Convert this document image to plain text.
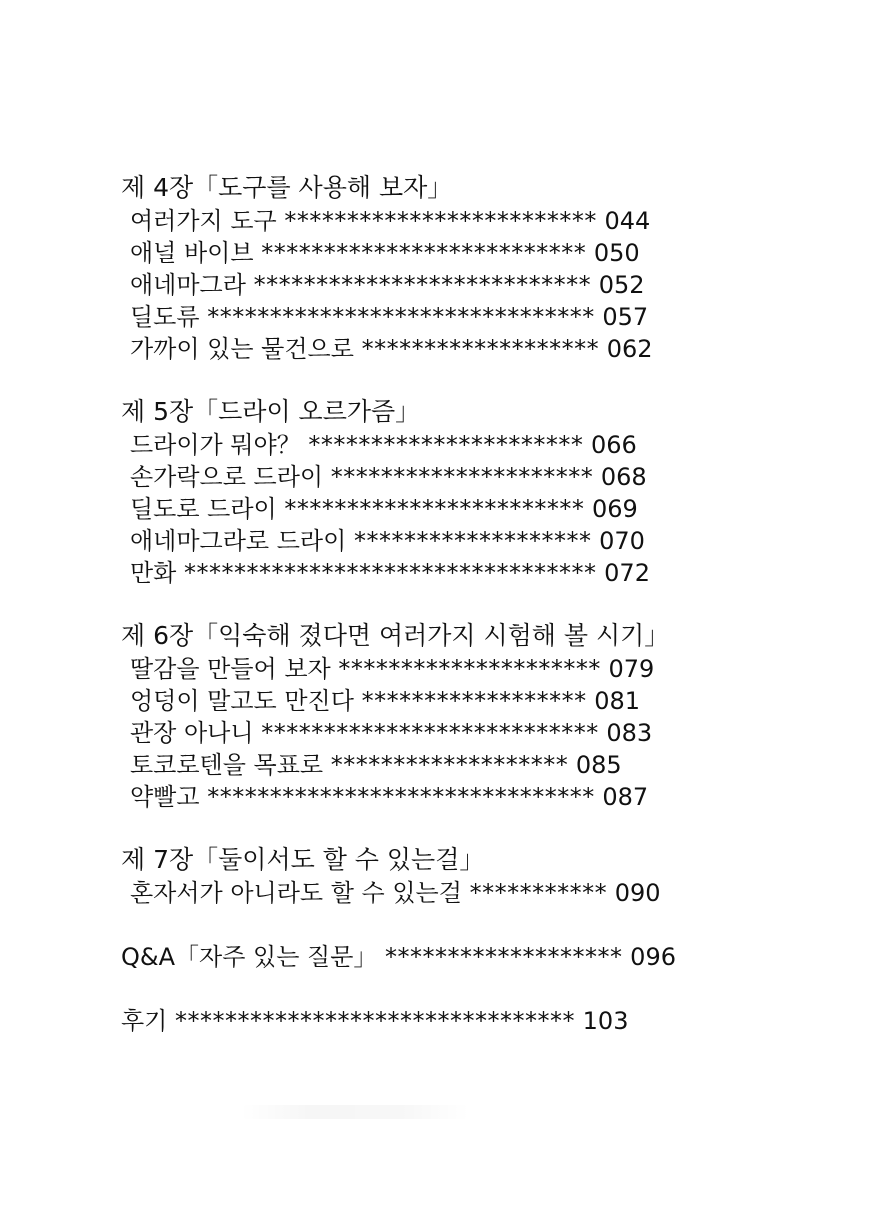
제 4장「도구를 사용해 보자」
여러가지 도구 ************************* 044
애널 바이브 ************************** 050
애네마그라 *************************** 052
딜도류 ******************************* 057
가까이 있는 물건으로 ******************* 062
제 5장「드라이 오르가즘」
드라이가 뭐야？ ********************** 066
손가락으로 드라이 ********************* 068
딜도로 드라이 ************************ 069
애네마그라로 드라이 ******************* 070
만화 ********************************* 072
제 6장「익숙해 졌다면 여러가지 시험해 볼 시기」
딸감을 만들어 보자 ********************* 079
엉덩이 말고도 만진다 ****************** 081
관장 아나니 *************************** 083
토코로텐을 목표로 ******************* 085
약빨고 ******************************* 087
제 7장「둘이서도 할 수 있는걸」
혼자서가 아니라도 할 수 있는걸 *********** 090
Q&A「자주 있는 질문」 ******************* 096
후기 ******************************** 103
